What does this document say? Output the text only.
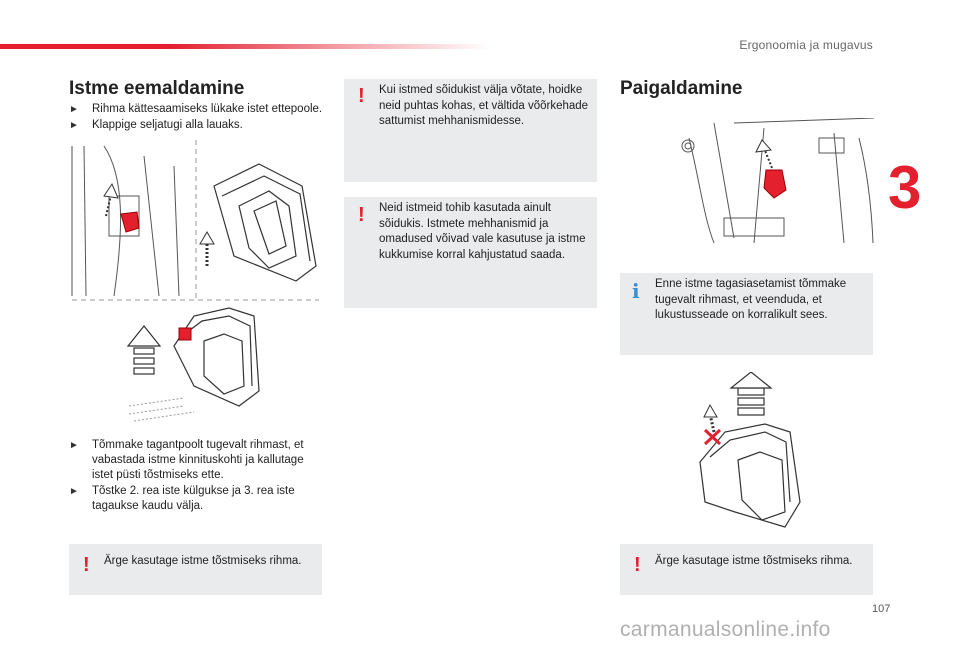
Ergonoomia ja mugavus
3
107
Istme eemaldamine
► Rihma kättesaamiseks lükake istet ettepoole.
► Klappige seljatugi alla lauaks.
► Tõmmake tagantpoolt tugevalt rihmast, et vabastada istme kinnituskohti ja kallutage istet püsti tõstmiseks ette.
► Tõstke 2. rea iste külgukse ja 3. rea iste tagaukse kaudu välja.
! Ärge kasutage istme tõstmiseks rihma.
! Kui istmed sõidukist välja võtate, hoidke neid puhtas kohas, et vältida võõrkehade sattumist mehhanismidesse.
! Neid istmeid tohib kasutada ainult sõidukis. Istmete mehhanismid ja omadused võivad vale kasutuse ja istme kukkumise korral kahjustatud saada.
Paigaldamine
i Enne istme tagasiasetamist tõmmake tugevalt rihmast, et veenduda, et lukustusseade on korralikult sees.
! Ärge kasutage istme tõstmiseks rihma.
carmanualsonline.info
